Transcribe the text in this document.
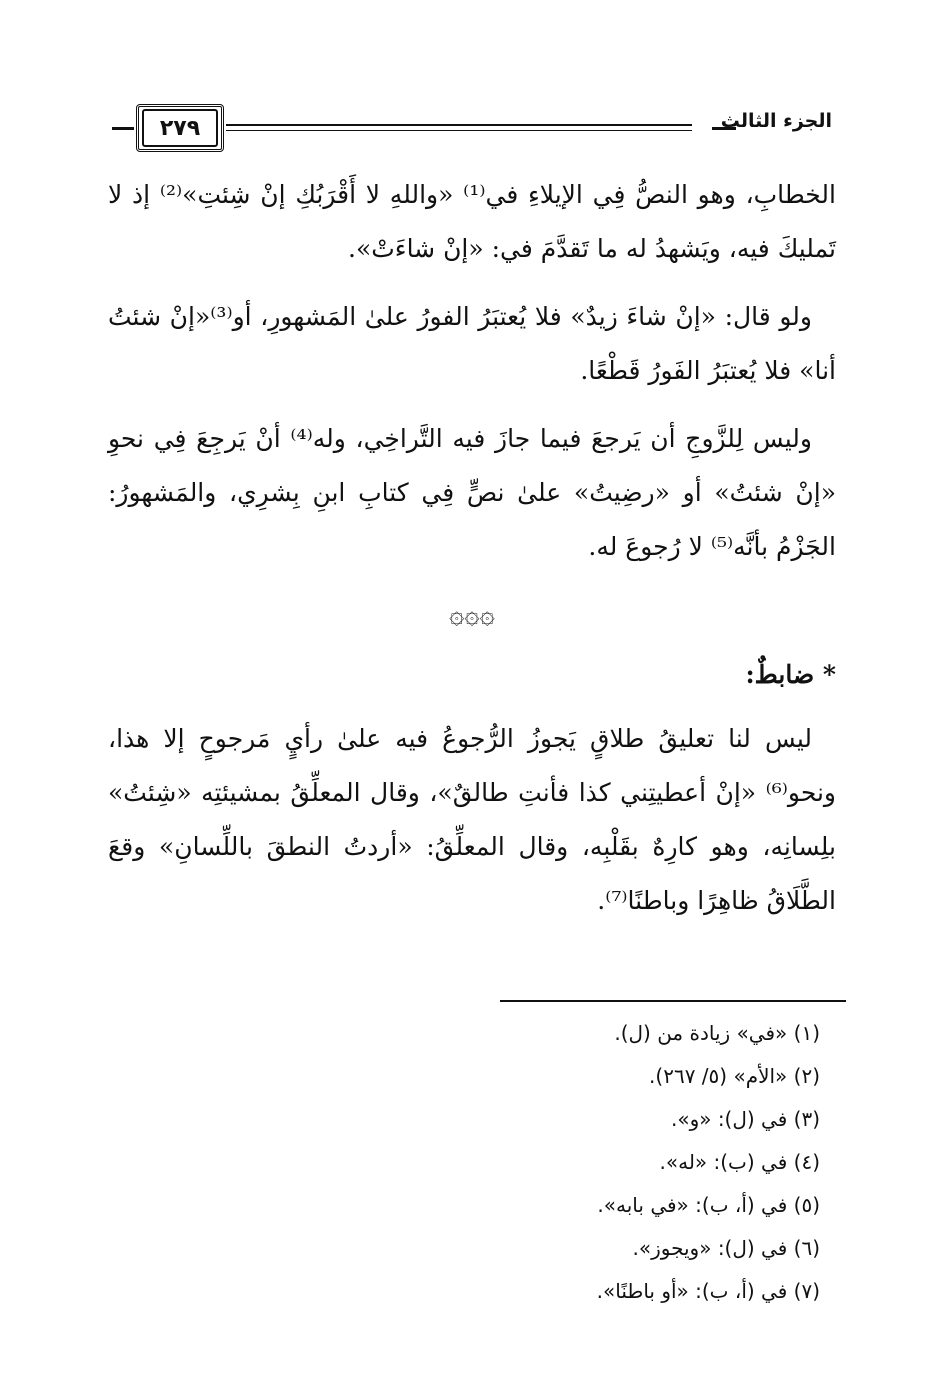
٢٧٩	الجزء الثالث

الخطابِ، وهو النصُّ فِي الإيلاءِ في⁽¹⁾ «واللهِ لا أَقْرَبُكِ إنْ شِئتِ»⁽²⁾ إذ لا تَمليكَ فيه، ويَشهدُ له ما تَقدَّمَ في: «إنْ شاءَتْ».

ولو قال: «إنْ شاءَ زيدٌ» فلا يُعتبَرُ الفورُ علىٰ المَشهورِ، أو⁽³⁾«إنْ شئتُ أنا» فلا يُعتبَرُ الفَورُ قَطْعًا.

وليس لِلزَّوجِ أن يَرجعَ فيما جازَ فيه التَّراخِي، وله⁽⁴⁾ أنْ يَرجِعَ فِي نحوِ «إنْ شئتُ» أو «رضِيتُ» علىٰ نصٍّ فِي كتابِ ابنِ بِشرِي، والمَشهورُ: الجَزْمُ بأنَّه⁽⁵⁾ لا رُجوعَ له.

۞۞۞

* ضابطٌ:

ليس لنا تعليقُ طلاقٍ يَجوزُ الرُّجوعُ فيه علىٰ رأيٍ مَرجوحٍ إلا هذا، ونحو⁽⁶⁾ «إنْ أعطيتِني كذا فأنتِ طالقٌ»، وقال المعلِّقُ بمشيئتِه «شِئتُ» بلِسانِه، وهو كارِهٌ بقَلْبِه، وقال المعلِّقُ: «أردتُ النطقَ باللِّسانِ» وقعَ الطَّلَاقُ ظاهِرًا وباطنًا⁽⁷⁾.

(١) «في» زيادة من (ل).
(٢) «الأم» (٥/ ٢٦٧).
(٣) في (ل): «و».
(٤) في (ب): «له».
(٥) في (أ، ب): «في بابه».
(٦) في (ل): «ويجوز».
(٧) في (أ، ب): «أو باطنًا».
